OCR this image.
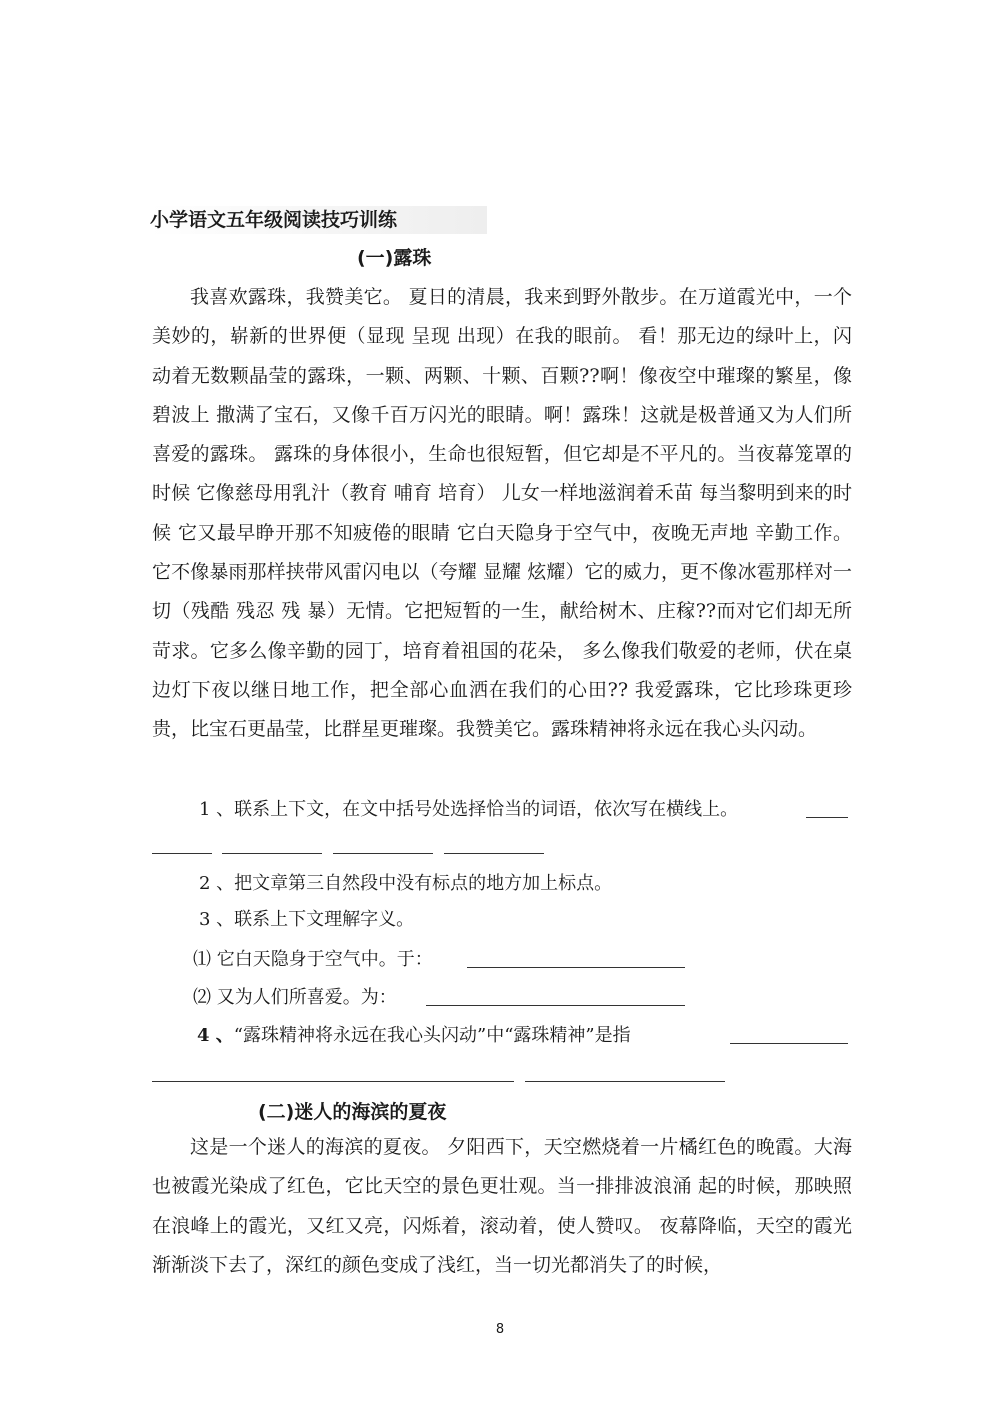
小学语文五年级阅读技巧训练
(一)露珠

我喜欢露珠，我赞美它。 夏日的清晨，我来到野外散步。在万道霞光中，一个美妙的，崭新的世界便（显现 呈现 出现）在我的眼前。 看！那无边的绿叶上，闪动着无数颗晶莹的露珠，一颗、两颗、十颗、百颗??啊！像夜空中璀璨的繁星，像碧波上 撒满了宝石，又像千百万闪光的眼睛。啊！露珠！这就是极普通又为人们所喜爱的露珠。 露珠的身体很小，生命也很短暂，但它却是不平凡的。当夜幕笼罩的时候 它像慈母用乳汁（教育 哺育 培育） 儿女一样地滋润着禾苗 每当黎明到来的时候 它又最早睁开那不知疲倦的眼睛 它白天隐身于空气中，夜晚无声地 辛勤工作。它不像暴雨那样挟带风雷闪电以（夸耀 显耀 炫耀）它的威力，更不像冰雹那样对一切（残酷 残忍 残 暴）无情。它把短暂的一生，献给树木、庄稼??而对它们却无所苛求。它多么像辛勤的园丁，培育着祖国的花朵， 多么像我们敬爱的老师，伏在桌边灯下夜以继日地工作，把全部心血洒在我们的心田?? 我爱露珠，它比珍珠更珍贵，比宝石更晶莹，比群星更璀璨。我赞美它。露珠精神将永远在我心头闪动。

1 、联系上下文，在文中括号处选择恰当的词语，依次写在横线上。
2 、把文章第三自然段中没有标点的地方加上标点。
3 、联系上下文理解字义。
⑴ 它白天隐身于空气中。于：
⑵ 又为人们所喜爱。为：
4 、“露珠精神将永远在我心头闪动”中“露珠精神”是指
(二)迷人的海滨的夏夜

这是一个迷人的海滨的夏夜。 夕阳西下，天空燃烧着一片橘红色的晚霞。大海也被霞光染成了红色，它比天空的景色更壮观。当一排排波浪涌 起的时候，那映照在浪峰上的霞光，又红又亮，闪烁着，滚动着，使人赞叹。 夜幕降临，天空的霞光渐渐淡下去了，深红的颜色变成了浅红，当一切光都消失了的时候，

8
